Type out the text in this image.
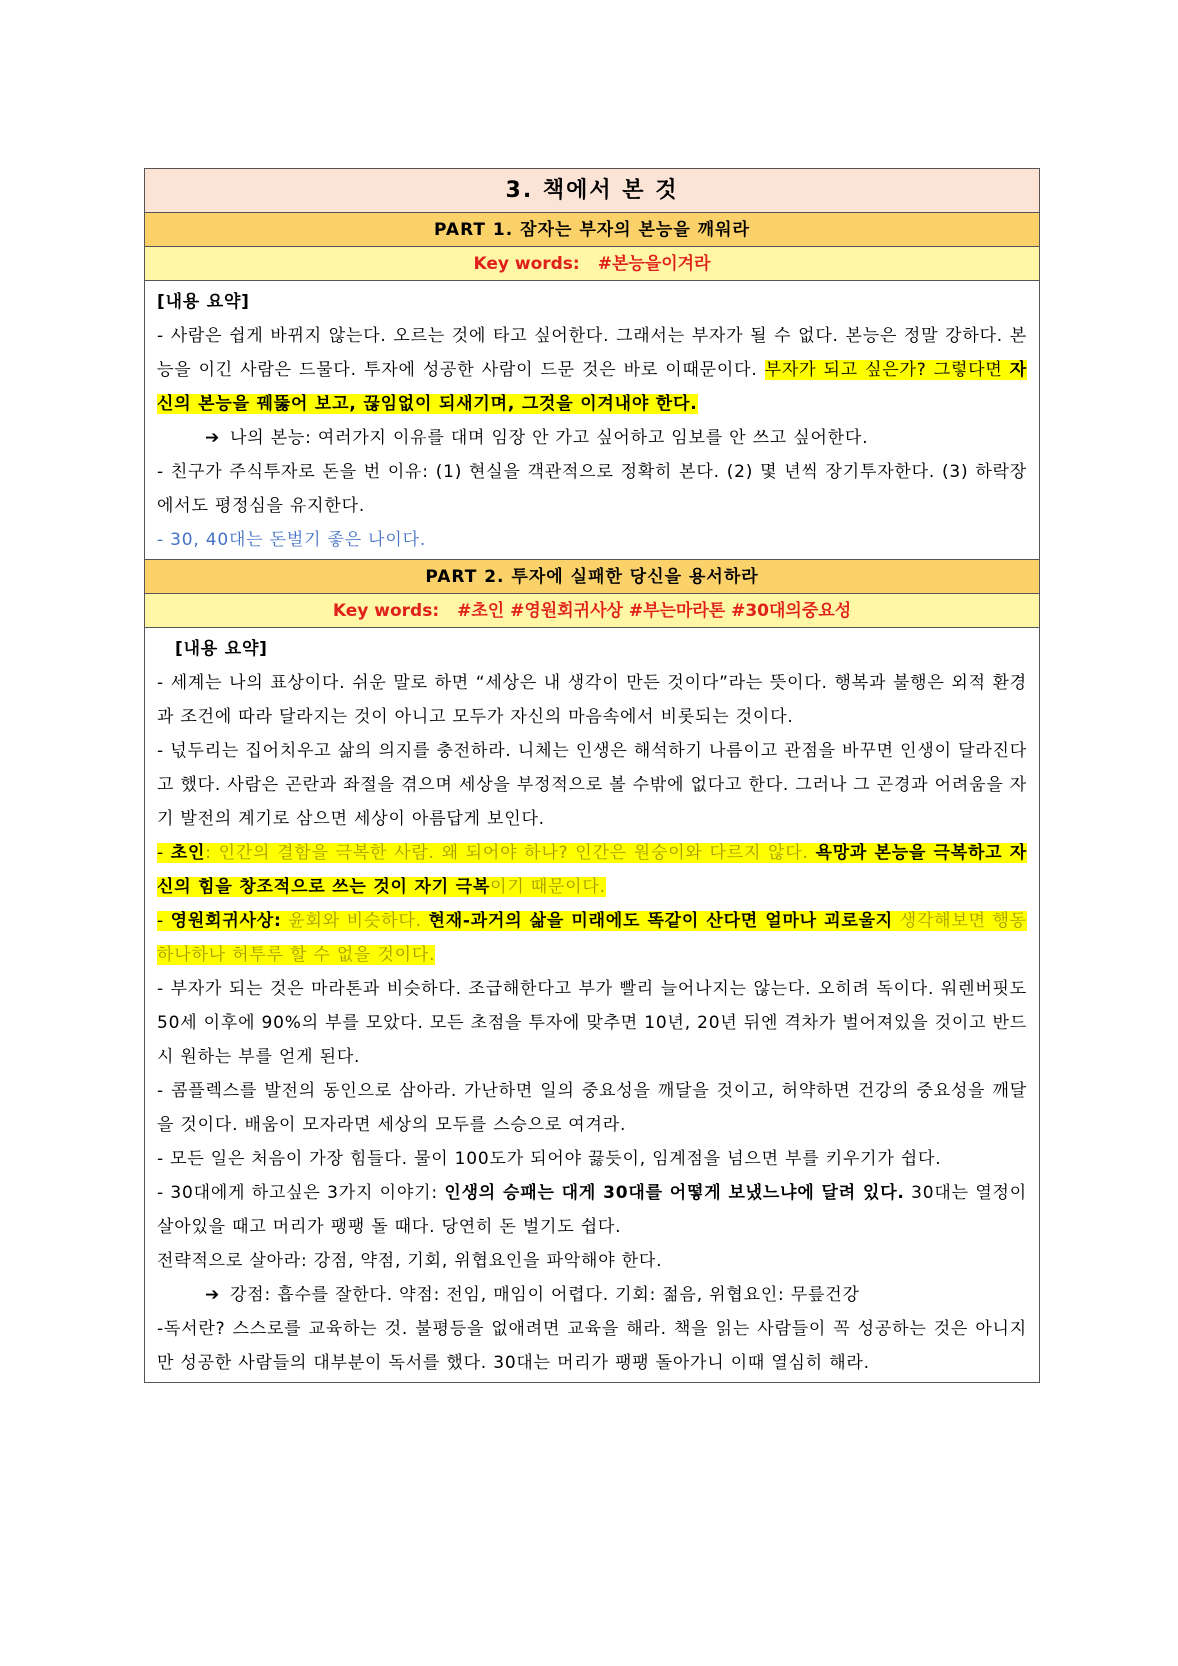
3. 책에서 본 것
PART 1. 잠자는 부자의 본능을 깨워라
Key words: #본능을이겨라

[내용 요약]

- 사람은 쉽게 바뀌지 않는다. 오르는 것에 타고 싶어한다. 그래서는 부자가 될 수 없다. 본능은 정말 강하다. 본능을 이긴 사람은 드물다. 투자에 성공한 사람이 드문 것은 바로 이때문이다. 부자가 되고 싶은가? 그렇다면 자신의 본능을 꿰뚫어 보고, 끊임없이 되새기며, 그것을 이겨내야 한다.

➔ 나의 본능: 여러가지 이유를 대며 임장 안 가고 싶어하고 임보를 안 쓰고 싶어한다.

- 친구가 주식투자로 돈을 번 이유: (1) 현실을 객관적으로 정확히 본다. (2) 몇 년씩 장기투자한다. (3) 하락장에서도 평정심을 유지한다.

- 30, 40대는 돈벌기 좋은 나이다.

PART 2. 투자에 실패한 당신을 용서하라
Key words: #초인 #영원회귀사상 #부는마라톤 #30대의중요성

[내용 요약]

- 세계는 나의 표상이다. 쉬운 말로 하면 “세상은 내 생각이 만든 것이다”라는 뜻이다. 행복과 불행은 외적 환경과 조건에 따라 달라지는 것이 아니고 모두가 자신의 마음속에서 비롯되는 것이다.

- 넋두리는 집어치우고 삶의 의지를 충전하라. 니체는 인생은 해석하기 나름이고 관점을 바꾸면 인생이 달라진다고 했다. 사람은 곤란과 좌절을 겪으며 세상을 부정적으로 볼 수밖에 없다고 한다. 그러나 그 곤경과 어려움을 자기 발전의 계기로 삼으면 세상이 아름답게 보인다.

- 초인: 인간의 결함을 극복한 사람. 왜 되어야 하나? 인간은 원숭이와 다르지 않다. 욕망과 본능을 극복하고 자신의 힘을 창조적으로 쓰는 것이 자기 극복이기 때문이다.

- 영원회귀사상: 윤회와 비슷하다. 현재-과거의 삶을 미래에도 똑같이 산다면 얼마나 괴로울지 생각해보면 행동 하나하나 허투루 할 수 없을 것이다.

- 부자가 되는 것은 마라톤과 비슷하다. 조급해한다고 부가 빨리 늘어나지는 않는다. 오히려 독이다. 워렌버핏도 50세 이후에 90%의 부를 모았다. 모든 초점을 투자에 맞추면 10년, 20년 뒤엔 격차가 벌어져있을 것이고 반드시 원하는 부를 얻게 된다.

- 콤플렉스를 발전의 동인으로 삼아라. 가난하면 일의 중요성을 깨달을 것이고, 허약하면 건강의 중요성을 깨달을 것이다. 배움이 모자라면 세상의 모두를 스승으로 여겨라.

- 모든 일은 처음이 가장 힘들다. 물이 100도가 되어야 끓듯이, 임계점을 넘으면 부를 키우기가 쉽다.

- 30대에게 하고싶은 3가지 이야기: 인생의 승패는 대게 30대를 어떻게 보냈느냐에 달려 있다. 30대는 열정이 살아있을 때고 머리가 팽팽 돌 때다. 당연히 돈 벌기도 쉽다.

전략적으로 살아라: 강점, 약점, 기회, 위협요인을 파악해야 한다.

➔ 강점: 흡수를 잘한다. 약점: 전임, 매임이 어렵다. 기회: 젊음, 위협요인: 무릎건강

-독서란? 스스로를 교육하는 것. 불평등을 없애려면 교육을 해라. 책을 읽는 사람들이 꼭 성공하는 것은 아니지만 성공한 사람들의 대부분이 독서를 했다. 30대는 머리가 팽팽 돌아가니 이때 열심히 해라.
